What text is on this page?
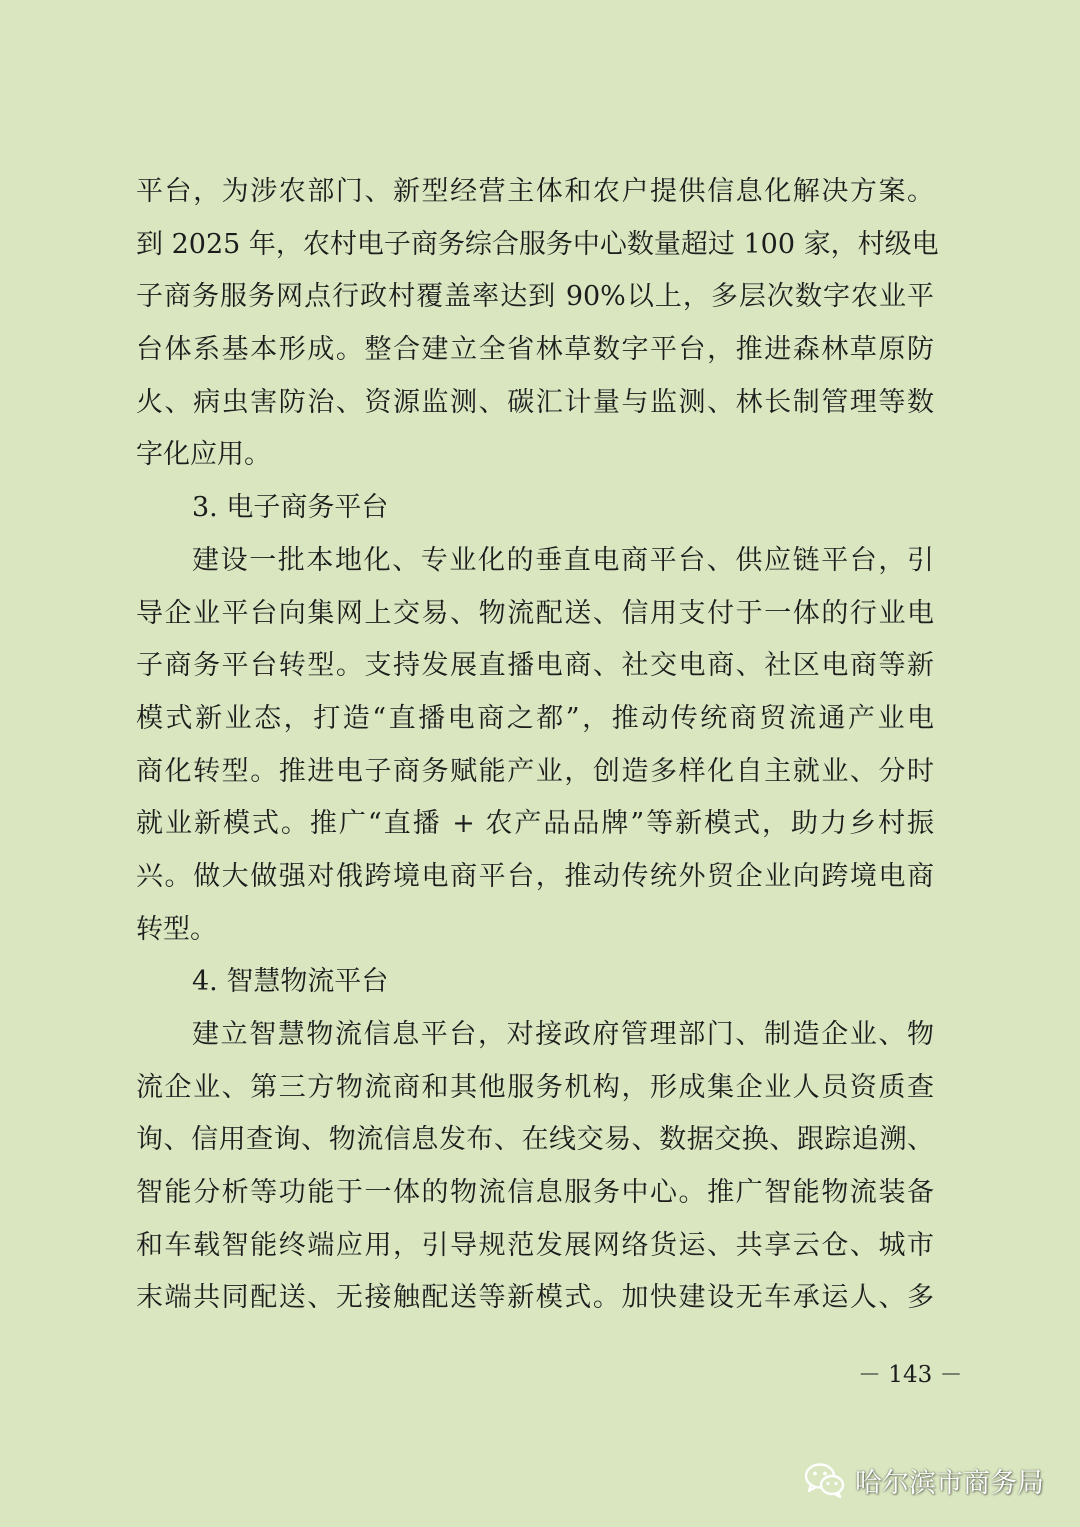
平台，为涉农部门、新型经营主体和农户提供信息化解决方案。
到 2025 年，农村电子商务综合服务中心数量超过 100 家，村级电
子商务服务网点行政村覆盖率达到 90%以上，多层次数字农业平
台体系基本形成。整合建立全省林草数字平台，推进森林草原防
火、病虫害防治、资源监测、碳汇计量与监测、林长制管理等数
字化应用。
3. 电子商务平台
建设一批本地化、专业化的垂直电商平台、供应链平台，引
导企业平台向集网上交易、物流配送、信用支付于一体的行业电
子商务平台转型。支持发展直播电商、社交电商、社区电商等新
模式新业态，打造“直播电商之都”，推动传统商贸流通产业电
商化转型。推进电子商务赋能产业，创造多样化自主就业、分时
就业新模式。推广“直播 + 农产品品牌”等新模式，助力乡村振
兴。做大做强对俄跨境电商平台，推动传统外贸企业向跨境电商
转型。
4. 智慧物流平台
建立智慧物流信息平台，对接政府管理部门、制造企业、物
流企业、第三方物流商和其他服务机构，形成集企业人员资质查
询、信用查询、物流信息发布、在线交易、数据交换、跟踪追溯、
智能分析等功能于一体的物流信息服务中心。推广智能物流装备
和车载智能终端应用，引导规范发展网络货运、共享云仓、城市
末端共同配送、无接触配送等新模式。加快建设无车承运人、多
－ 143 －
哈尔滨市商务局
